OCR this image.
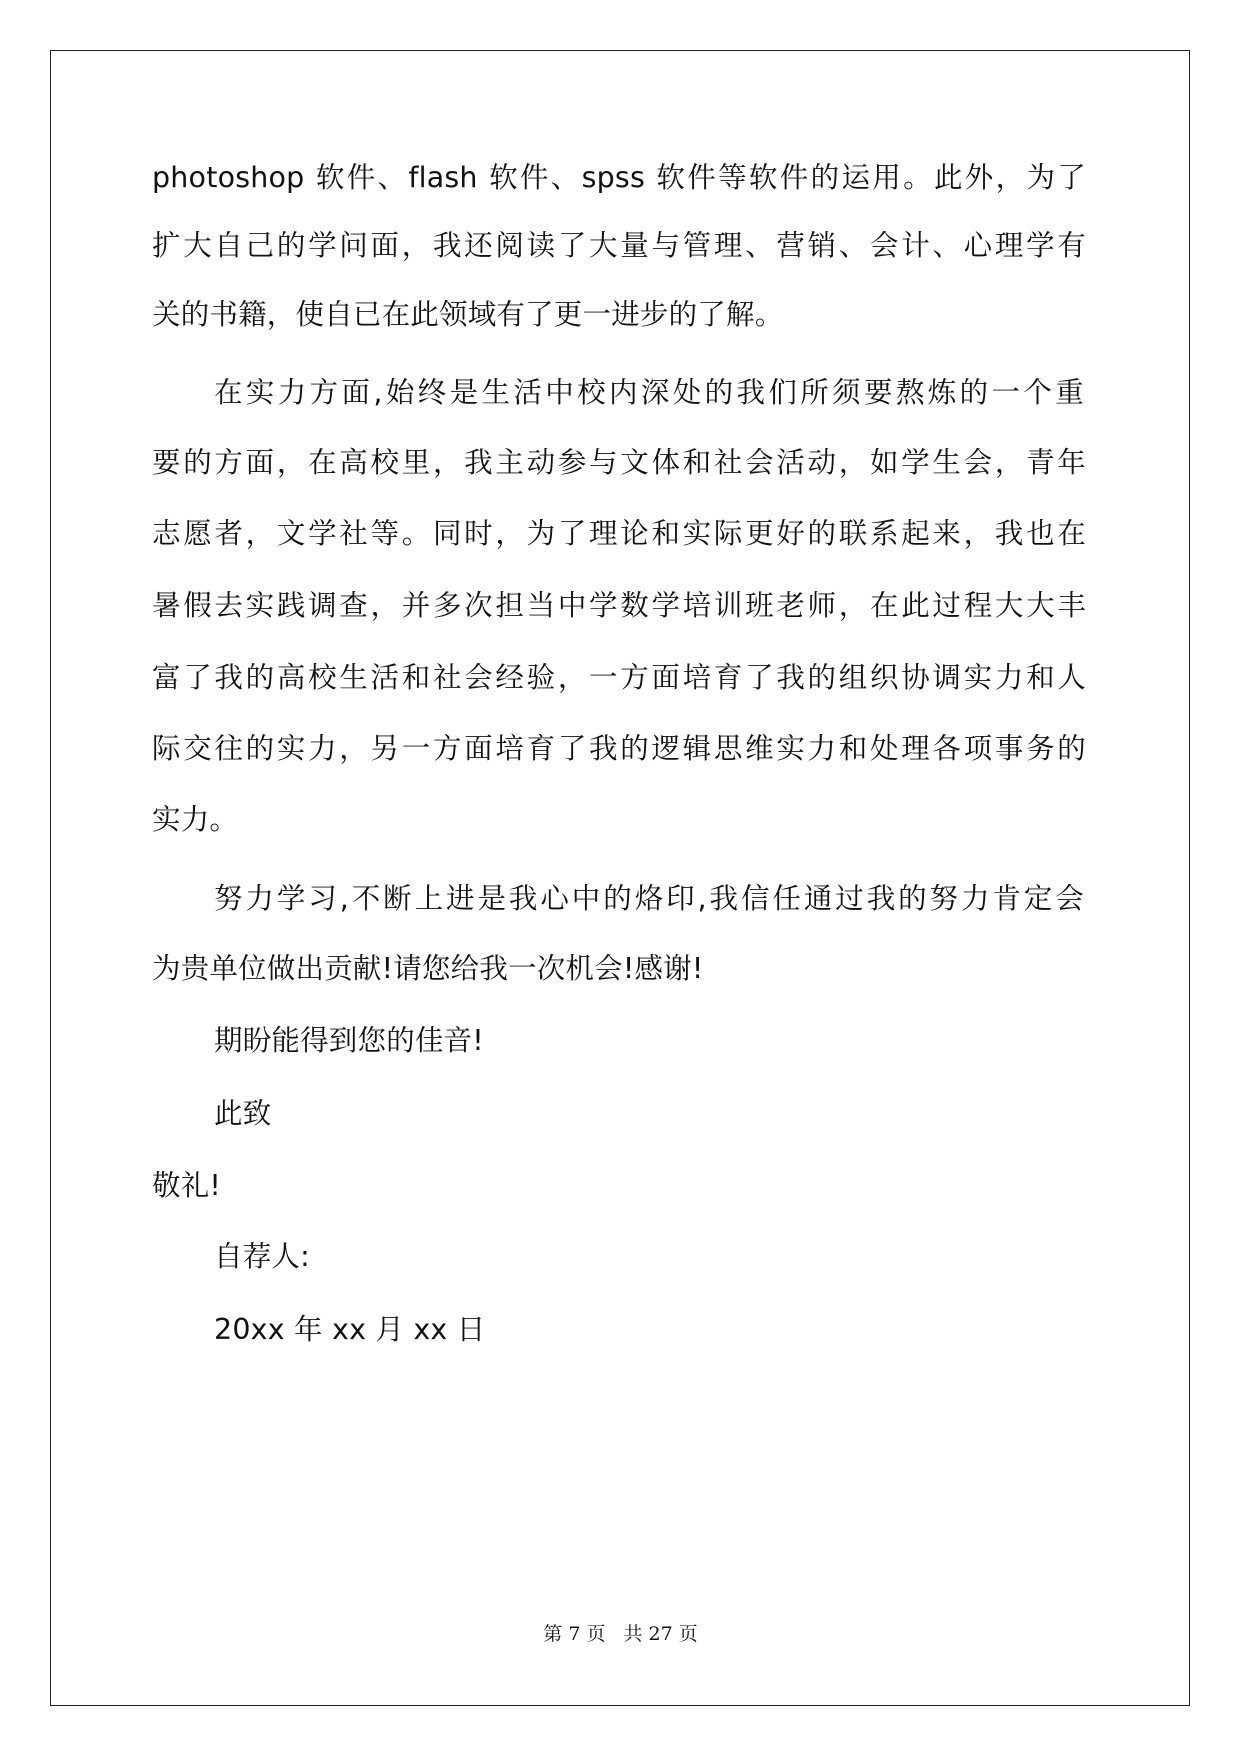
photoshop 软件、flash 软件、spss 软件等软件的运用。此外，为了
扩大自己的学问面，我还阅读了大量与管理、营销、会计、心理学有
关的书籍，使自已在此领域有了更一进步的了解。
在实力方面,始终是生活中校内深处的我们所须要熬炼的一个重
要的方面，在高校里，我主动参与文体和社会活动，如学生会，青年
志愿者，文学社等。同时，为了理论和实际更好的联系起来，我也在
暑假去实践调查，并多次担当中学数学培训班老师，在此过程大大丰
富了我的高校生活和社会经验，一方面培育了我的组织协调实力和人
际交往的实力，另一方面培育了我的逻辑思维实力和处理各项事务的
实力。
努力学习,不断上进是我心中的烙印,我信任通过我的努力肯定会
为贵单位做出贡献!请您给我一次机会!感谢!
期盼能得到您的佳音!
此致
敬礼!
自荐人:
20xx 年 xx 月 xx 日
第 7 页 共 27 页
